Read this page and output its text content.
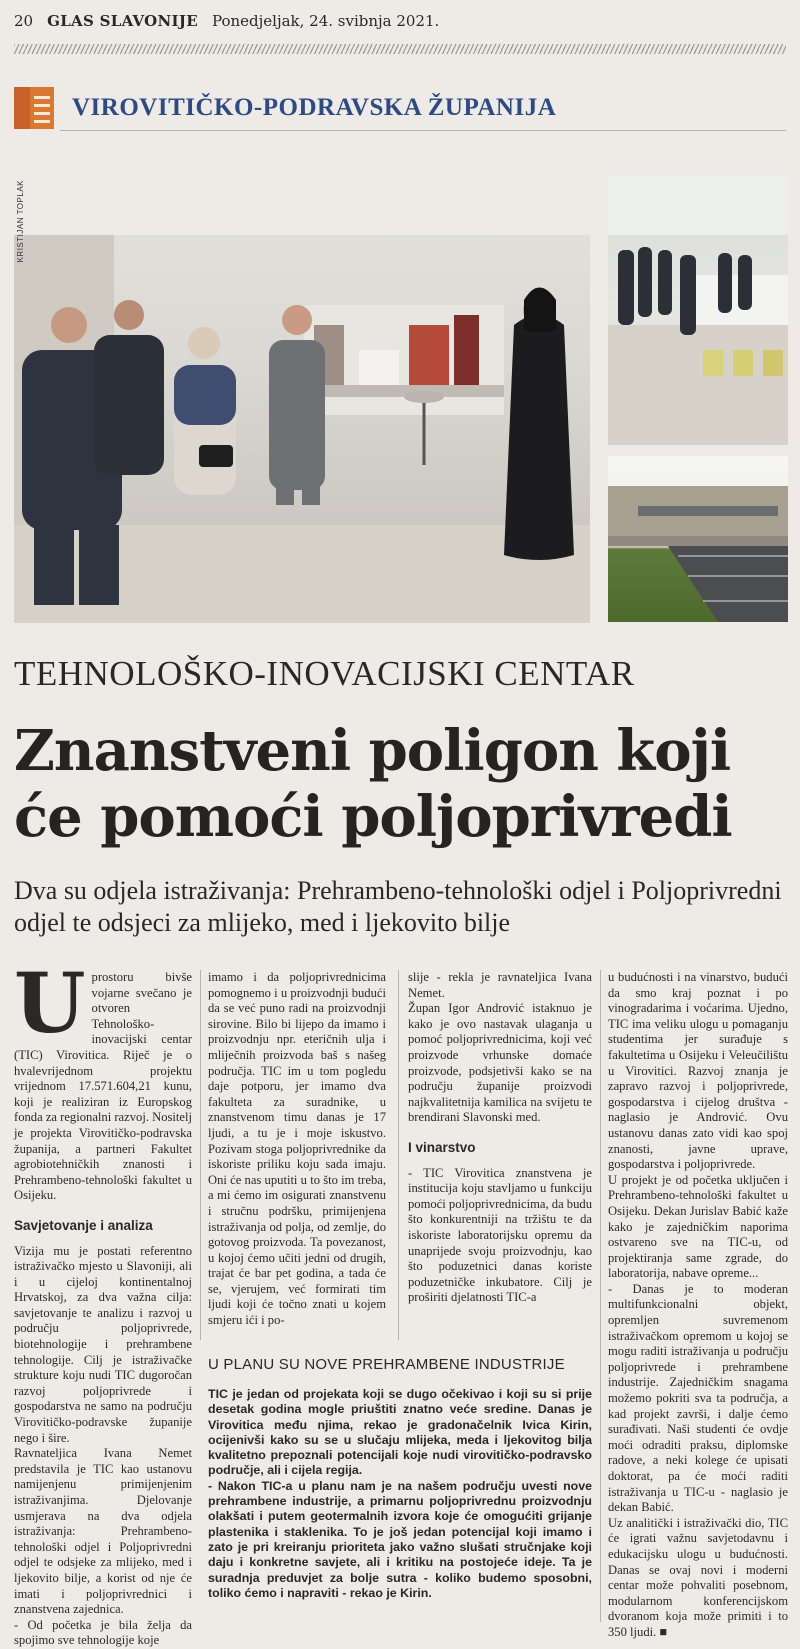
20 GLAS SLAVONIJE Ponedjeljak, 24. svibnja 2021.
VIROVITIČKO-PODRAVSKA ŽUPANIJA
KRISTIJAN TOPLAK
TEHNOLOŠKO-INOVACIJSKI CENTAR
Znanstveni poligon koji će pomoći poljoprivredi
Dva su odjela istraživanja: Prehrambeno-tehnološki odjel i Poljoprivredni odjel te odsjeci za mlijeko, med i ljekovito bilje
U prostoru bivše vojarne svečano je otvoren Tehnološko-inovacijski centar (TIC) Virovitica. Riječ je o hvalevrijednom projektu vrijednom 17.571.604,21 kunu, koji je realiziran iz Europskog fonda za regionalni razvoj. Nositelj je projekta Virovitičko-podravska županija, a partneri Fakultet agrobiotehničkih znanosti i Prehrambeno-tehnološki fakultet u Osijeku.

Savjetovanje i analiza

Vizija mu je postati referentno istraživačko mjesto u Slavoniji, ali i u cijeloj kontinentalnoj Hrvatskoj, za dva važna cilja: savjetovanje te analizu i razvoj u području poljoprivrede, biotehnologije i prehrambene tehnologije. Cilj je istraživačke strukture koju nudi TIC dugoročan razvoj poljoprivrede i gospodarstva ne samo na području Virovitičko-podravske županije nego i šire.

Ravnateljica Ivana Nemet predstavila je TIC kao ustanovu namijenjenu primijenjenim istraživanjima. Djelovanje usmjerava na dva odjela istraživanja: Prehrambeno-tehnološki odjel i Poljoprivredni odjel te odsjeke za mlijeko, med i ljekovito bilje, a korist od nje će imati i poljoprivrednici i znanstvena zajednica.

- Od početka je bila želja da spojimo sve tehnologije koje

imamo i da poljoprivrednicima pomognemo i u proizvodnji budući da se već puno radi na proizvodnji sirovine. Bilo bi lijepo da imamo i proizvodnju npr. eteričnih ulja i mliječnih proizvoda baš s našeg područja. TIC im u tom pogledu daje potporu, jer imamo dva fakulteta za suradnike, u znanstvenom timu danas je 17 ljudi, a tu je i moje iskustvo. Pozivam stoga poljoprivrednike da iskoriste priliku koju sada imaju. Oni će nas uputiti u to što im treba, a mi ćemo im osigurati znanstvenu i stručnu podršku, primijenjena istraživanja od polja, od zemlje, do gotovog proizvoda. Ta povezanost, u kojoj ćemo učiti jedni od drugih, trajat će bar pet godina, a tada će se, vjerujem, već formirati tim ljudi koji će točno znati u kojem smjeru ići i po-

slije - rekla je ravnateljica Ivana Nemet.

Župan Igor Andrović istaknuo je kako je ovo nastavak ulaganja u pomoć poljoprivrednicima, koji već proizvode vrhunske domaće proizvode, podsjetivši kako se na području županije proizvodi najkvalitetnija kamilica na svijetu te brendirani Slavonski med.

I vinarstvo

- TIC Virovitica znanstvena je institucija koju stavljamo u funkciju pomoći poljoprivrednicima, da budu što konkurentniji na tržištu te da iskoriste laboratorijsku opremu da unaprijede svoju proizvodnju, kao što poduzetnici danas koriste poduzetničke inkubatore. Cilj je proširiti djelatnosti TIC-a

u budućnosti i na vinarstvo, budući da smo kraj poznat i po vinogradarima i voćarima. Ujedno, TIC ima veliku ulogu u pomaganju studentima jer surađuje s fakultetima u Osijeku i Veleučilištu u Virovitici. Razvoj znanja je zapravo razvoj i poljoprivrede, gospodarstva i cijelog društva - naglasio je Andrović. Ovu ustanovu danas zato vidi kao spoj znanosti, javne uprave, gospodarstva i poljoprivrede.

U projekt je od početka uključen i Prehrambeno-tehnološki fakultet u Osijeku. Dekan Jurislav Babić kaže kako je zajedničkim naporima ostvareno sve na TIC-u, od projektiranja same zgrade, do laboratorija, nabave opreme...

- Danas je to moderan multifunkcionalni objekt, opremljen suvremenom istraživačkom opremom u kojoj se mogu raditi istraživanja u području poljoprivrede i prehrambene industrije. Zajedničkim snagama možemo pokriti sva ta područja, a kad projekt završi, i dalje ćemo surađivati. Naši studenti će ovdje moći odraditi praksu, diplomske radove, a neki kolege će upisati doktorat, pa će moći raditi istraživanja u TIC-u - naglasio je dekan Babić.

Uz analitički i istraživački dio, TIC će igrati važnu savjetodavnu i edukacijsku ulogu u budućnosti. Danas se ovaj novi i moderni centar može pohvaliti posebnom, modularnom konferencijskom dvoranom koja može primiti i to 350 ljudi. ■

U PLANU SU NOVE PREHRAMBENE INDUSTRIJE
TIC je jedan od projekata koji se dugo očekivao i koji su si prije desetak godina mogle priuštiti znatno veće sredine. Danas je Virovitica među njima, rekao je gradonačelnik Ivica Kirin, ocijenivši kako su se u slučaju mlijeka, meda i ljekovitog bilja kvalitetno prepoznali potencijali koje nudi virovitičko-podravsko područje, ali i cijela regija.
- Nakon TIC-a u planu nam je na našem području uvesti nove prehrambene industrije, a primarnu poljoprivrednu proizvodnju olakšati i putem geotermalnih izvora koje će omogućiti grijanje plastenika i staklenika. To je još jedan potencijal koji imamo i zato je pri kreiranju prioriteta jako važno slušati stručnjake koji daju i konkretne savjete, ali i kritiku na postojeće ideje. Ta je suradnja preduvjet za bolje sutra - koliko budemo sposobni, toliko ćemo i napraviti - rekao je Kirin.
